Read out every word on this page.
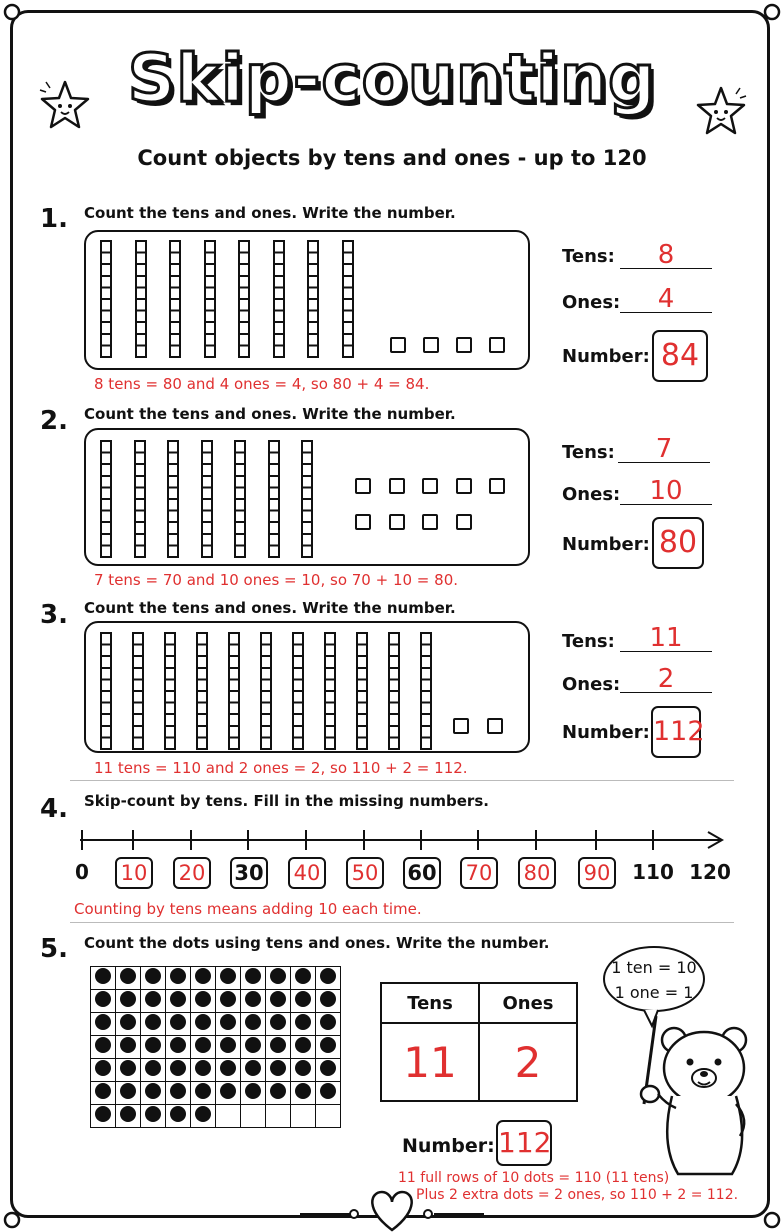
Skip-counting
Count objects by tens and ones - up to 120
1. Count the tens and ones. Write the number.
Tens:	8
Ones:	4
Number: 84
8 tens = 80 and 4 ones = 4, so 80 + 4 = 84.
2. Count the tens and ones. Write the number.
Tens:	7
Ones:	10
Number: 80
7 tens = 70 and 10 ones = 10, so 70 + 10 = 80.
3. Count the tens and ones. Write the number.
Tens:	11
Ones:	2
Number: 112
11 tens = 110 and 2 ones = 2, so 110 + 2 = 112.
4. Skip-count by tens. Fill in the missing numbers.
0	10 20 30 40 50 60 70 80 90 110 120
Counting by tens means adding 10 each time.
5. Count the dots using tens and ones. Write the number.

Tens	Ones
11	2
Number: 112
1 ten = 10
1 one = 1
11 full rows of 10 dots = 110 (11 tens)
Plus 2 extra dots = 2 ones, so 110 + 2 = 112.
